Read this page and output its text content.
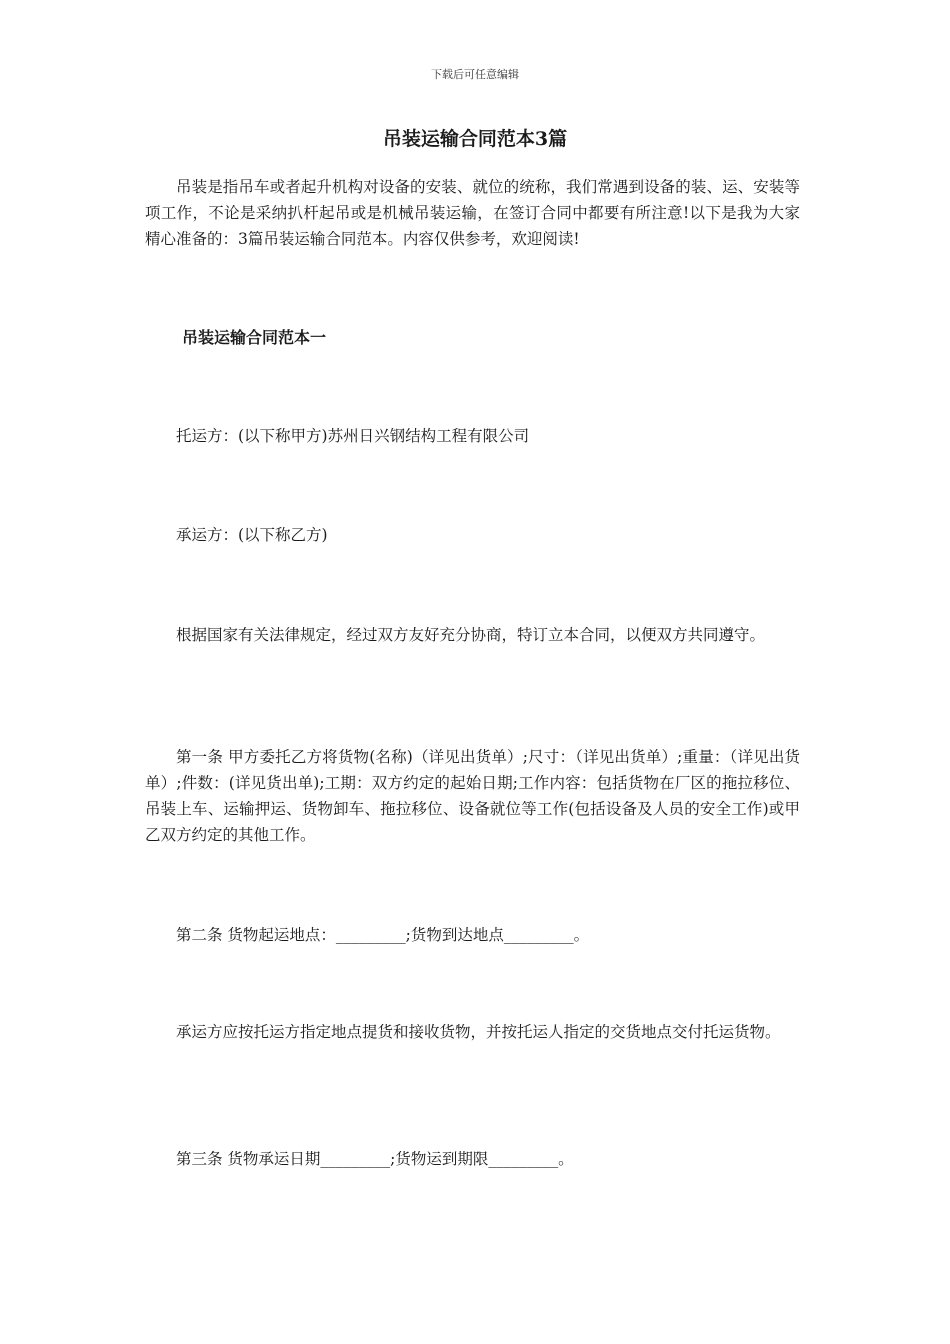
下载后可任意编辑
吊装运输合同范本3篇

吊装是指吊车或者起升机构对设备的安装、就位的统称，我们常遇到设备的装、运、安装等项工作，不论是采纳扒杆起吊或是机械吊装运输，在签订合同中都要有所注意!以下是我为大家精心准备的：3篇吊装运输合同范本。内容仅供参考，欢迎阅读!

吊装运输合同范本一

托运方：(以下称甲方)苏州日兴钢结构工程有限公司

承运方：(以下称乙方)

根据国家有关法律规定，经过双方友好充分协商，特订立本合同，以便双方共同遵守。

第一条 甲方委托乙方将货物(名称)（详见出货单）;尺寸：（详见出货单）;重量：（详见出货单）;件数：(详见货出单);工期：双方约定的起始日期;工作内容：包括货物在厂区的拖拉移位、吊装上车、运输押运、货物卸车、拖拉移位、设备就位等工作(包括设备及人员的安全工作)或甲乙双方约定的其他工作。

第二条 货物起运地点：_________;货物到达地点_________。

承运方应按托运方指定地点提货和接收货物，并按托运人指定的交货地点交付托运货物。

第三条 货物承运日期_________;货物运到期限_________。
